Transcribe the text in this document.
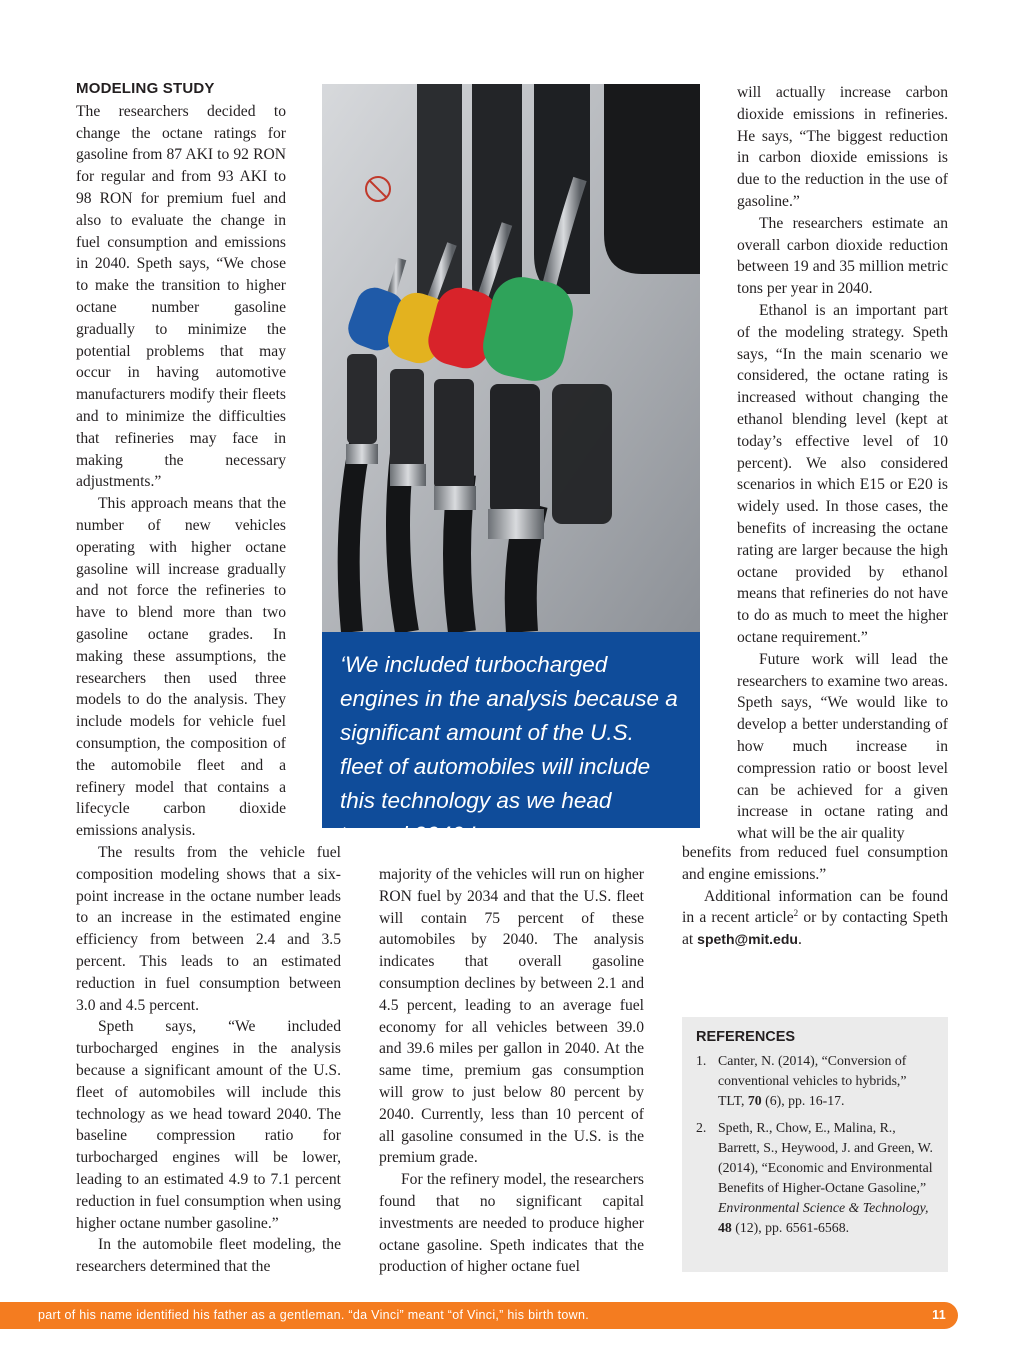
MODELING STUDY

The researchers decided to change the octane ratings for gasoline from 87 AKI to 92 RON for regular and from 93 AKI to 98 RON for premium fuel and also to evaluate the change in fuel consumption and emissions in 2040. Speth says, “We chose to make the transition to higher octane number gasoline gradually to minimize the potential problems that may occur in having automotive manufacturers modify their fleets and to minimize the difficulties that refineries may face in making the necessary adjustments.”

This approach means that the number of new vehicles operating with higher octane gasoline will increase gradually and not force the refineries to have to blend more than two gasoline octane grades. In making these assumptions, the researchers then used three models to do the analysis. They include models for vehicle fuel consumption, the composition of the automobile fleet and a refinery model that contains a lifecycle carbon dioxide emissions analysis.

The results from the vehicle fuel composition modeling shows that a six-point increase in the octane number leads to an increase in the estimated engine efficiency from between 2.4 and 3.5 percent. This leads to an estimated reduction in fuel consumption between 3.0 and 4.5 percent.

Speth says, “We included turbocharged engines in the analysis because a significant amount of the U.S. fleet of automobiles will include this technology as we head toward 2040. The baseline compression ratio for turbocharged engines will be lower, leading to an estimated 4.9 to 7.1 percent reduction in fuel consumption when using higher octane number gasoline.”

In the automobile fleet modeling, the researchers determined that the

‘We included turbocharged engines in the analysis because a significant amount of the U.S. fleet of automobiles will include this technology as we head toward 2040.’

majority of the vehicles will run on higher RON fuel by 2034 and that the U.S. fleet will contain 75 percent of these automobiles by 2040. The analysis indicates that overall gasoline consumption declines by between 2.1 and 4.5 percent, leading to an average fuel economy for all vehicles between 39.0 and 39.6 miles per gallon in 2040. At the same time, premium gas consumption will grow to just below 80 percent by 2040. Currently, less than 10 percent of all gasoline consumed in the U.S. is the premium grade.

For the refinery model, the researchers found that no significant capital investments are needed to produce higher octane gasoline. Speth indicates that the production of higher octane fuel

will actually increase carbon dioxide emissions in refineries. He says, “The biggest reduction in carbon dioxide emissions is due to the reduction in the use of gasoline.”

The researchers estimate an overall carbon dioxide reduction between 19 and 35 million metric tons per year in 2040.

Ethanol is an important part of the modeling strategy. Speth says, “In the main scenario we considered, the octane rating is increased without changing the ethanol blending level (kept at today’s effective level of 10 percent). We also considered scenarios in which E15 or E20 is widely used. In those cases, the benefits of increasing the octane rating are larger because the high octane provided by ethanol means that refineries do not have to do as much to meet the higher octane requirement.”

Future work will lead the researchers to examine two areas. Speth says, “We would like to develop a better understanding of how much increase in compression ratio or boost level can be achieved for a given increase in octane rating and what will be the air quality

benefits from reduced fuel consumption and engine emissions.”

Additional information can be found in a recent article$^2$ or by contacting Speth at speth@mit.edu.

REFERENCES
1. Canter, N. (2014), “Conversion of conventional vehicles to hybrids,” TLT, 70 (6), pp. 16-17.
2. Speth, R., Chow, E., Malina, R., Barrett, S., Heywood, J. and Green, W. (2014), “Economic and Environmental Benefits of Higher-Octane Gasoline,” Environmental Science & Technology, 48 (12), pp. 6561-6568.
part of his name identified his father as a gentleman. “da Vinci” meant “of Vinci,” his birth town.	11
